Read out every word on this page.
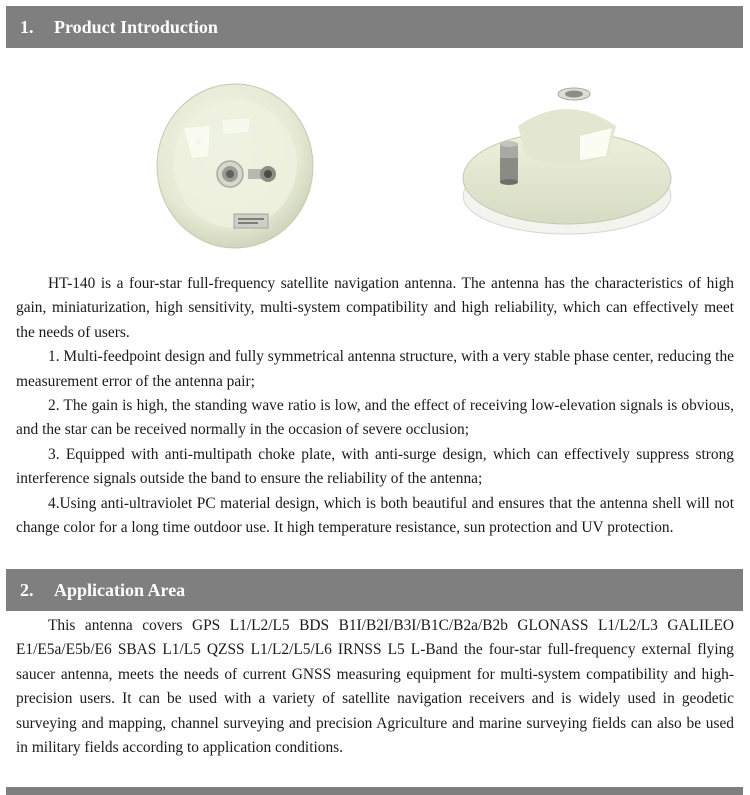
1.	Product Introduction

HT-140 is a four-star full-frequency satellite navigation antenna. The antenna has the characteristics of high gain, miniaturization, high sensitivity, multi-system compatibility and high reliability, which can effectively meet the needs of users.

1. Multi-feedpoint design and fully symmetrical antenna structure, with a very stable phase center, reducing the measurement error of the antenna pair;

2. The gain is high, the standing wave ratio is low, and the effect of receiving low-elevation signals is obvious, and the star can be received normally in the occasion of severe occlusion;

3. Equipped with anti-multipath choke plate, with anti-surge design, which can effectively suppress strong interference signals outside the band to ensure the reliability of the antenna;

4.Using anti-ultraviolet PC material design, which is both beautiful and ensures that the antenna shell will not change color for a long time outdoor use. It high temperature resistance, sun protection and UV protection.

2.	Application Area

This antenna covers GPS L1/L2/L5 BDS B1I/B2I/B3I/B1C/B2a/B2b GLONASS L1/L2/L3 GALILEO E1/E5a/E5b/E6 SBAS L1/L5 QZSS L1/L2/L5/L6 IRNSS L5 L-Band the four-star full-frequency external flying saucer antenna, meets the needs of current GNSS measuring equipment for multi-system compatibility and high-precision users. It can be used with a variety of satellite navigation receivers and is widely used in geodetic surveying and mapping, channel surveying and precision Agriculture and marine surveying fields can also be used in military fields according to application conditions.
